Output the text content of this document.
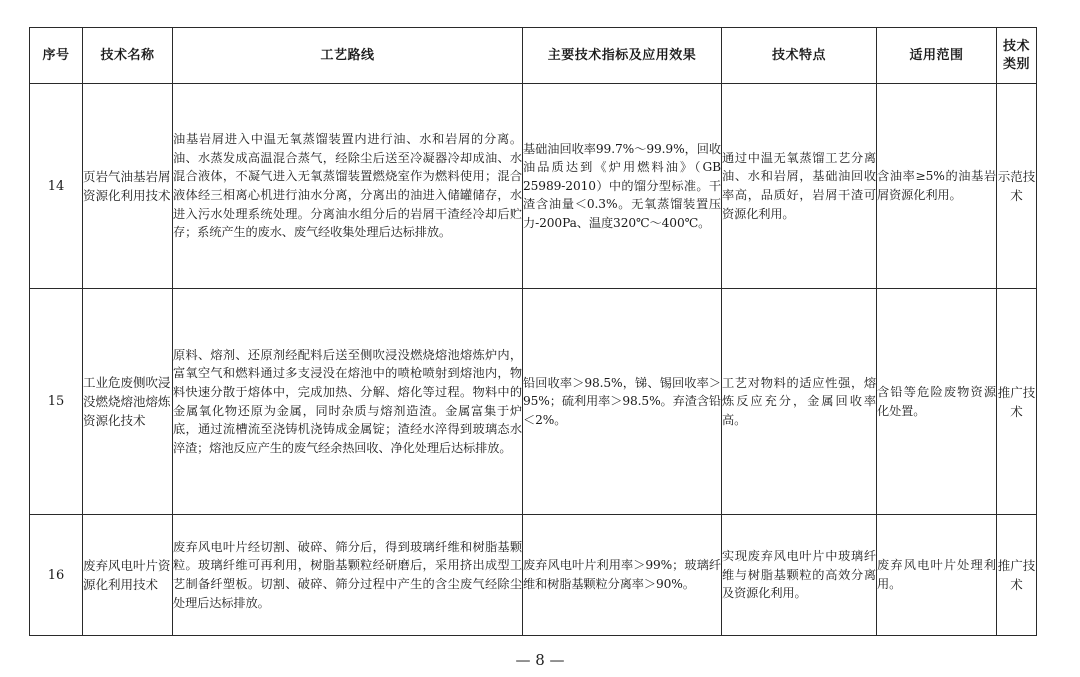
序号	技术名称	工艺路线	主要技术指标及应用效果	技术特点	适用范围	技术类别
14	页岩气油基岩屑资源化利用技术	油基岩屑进入中温无氧蒸馏装置内进行油、水和岩屑的分离。油、水蒸发成高温混合蒸气，经除尘后送至冷凝器冷却成油、水混合液体，不凝气进入无氧蒸馏装置燃烧室作为燃料使用；混合液体经三相离心机进行油水分离，分离出的油进入储罐储存，水进入污水处理系统处理。分离油水组分后的岩屑干渣经冷却后贮存；系统产生的废水、废气经收集处理后达标排放。	基础油回收率99.7%～99.9%，回收油品质达到《炉用燃料油》（GB 25989-2010）中的馏分型标准。干渣含油量＜0.3%。无氧蒸馏装置压力-200Pa、温度320℃～400℃。	通过中温无氧蒸馏工艺分离油、水和岩屑，基础油回收率高，品质好，岩屑干渣可资源化利用。	含油率≥5%的油基岩屑资源化利用。	示范技术
15	工业危废侧吹浸没燃烧熔池熔炼资源化技术	原料、熔剂、还原剂经配料后送至侧吹浸没燃烧熔池熔炼炉内，富氧空气和燃料通过多支浸没在熔池中的喷枪喷射到熔池内，物料快速分散于熔体中，完成加热、分解、熔化等过程。物料中的金属氧化物还原为金属，同时杂质与熔剂造渣。金属富集于炉底，通过流槽流至浇铸机浇铸成金属锭；渣经水淬得到玻璃态水淬渣；熔池反应产生的废气经余热回收、净化处理后达标排放。	铅回收率＞98.5%，锑、锡回收率＞95%；硫利用率＞98.5%。弃渣含铅＜2%。	工艺对物料的适应性强，熔炼反应充分，金属回收率高。	含铅等危险废物资源化处置。	推广技术
16	废弃风电叶片资源化利用技术	废弃风电叶片经切割、破碎、筛分后，得到玻璃纤维和树脂基颗粒。玻璃纤维可再利用，树脂基颗粒经研磨后，采用挤出成型工艺制备纤塑板。切割、破碎、筛分过程中产生的含尘废气经除尘处理后达标排放。	废弃风电叶片利用率＞99%；玻璃纤维和树脂基颗粒分离率＞90%。	实现废弃风电叶片中玻璃纤维与树脂基颗粒的高效分离及资源化利用。	废弃风电叶片处理利用。	推广技术
— 8 —
